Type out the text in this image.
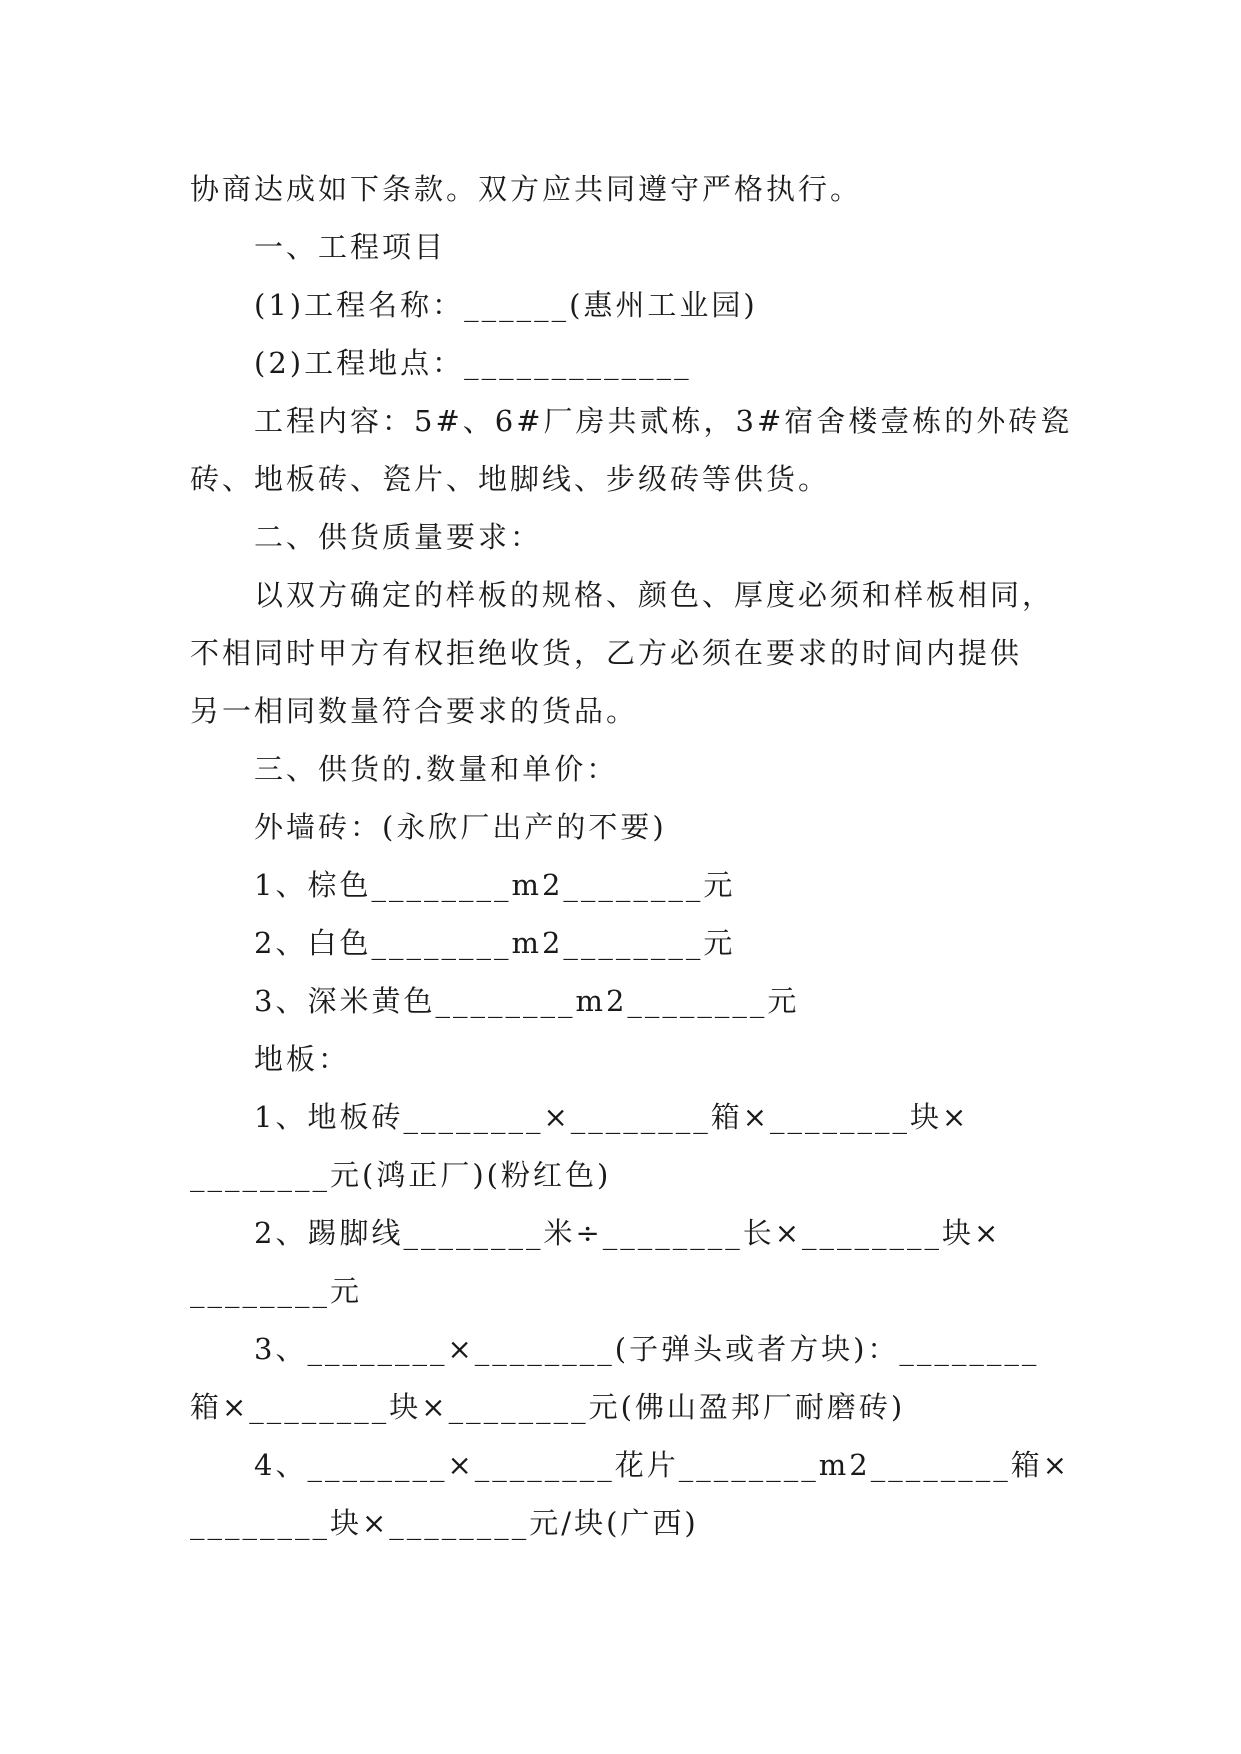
协商达成如下条款。双方应共同遵守严格执行。
一、工程项目
(1)工程名称：______(惠州工业园)
(2)工程地点：_____________
工程内容：5#、6#厂房共贰栋，3#宿舍楼壹栋的外砖瓷
砖、地板砖、瓷片、地脚线、步级砖等供货。
二、供货质量要求：
以双方确定的样板的规格、颜色、厚度必须和样板相同，
不相同时甲方有权拒绝收货，乙方必须在要求的时间内提供
另一相同数量符合要求的货品。
三、供货的.数量和单价：
外墙砖：(永欣厂出产的不要)
1、棕色________m2________元
2、白色________m2________元
3、深米黄色________m2________元
地板：
1、地板砖________×________箱×________块×
________元(鸿正厂)(粉红色)
2、踢脚线________米÷________长×________块×
________元
3、________×________(子弹头或者方块)：________
箱×________块×________元(佛山盈邦厂耐磨砖)
4、________×________花片________m2________箱×
________块×________元/块(广西)
